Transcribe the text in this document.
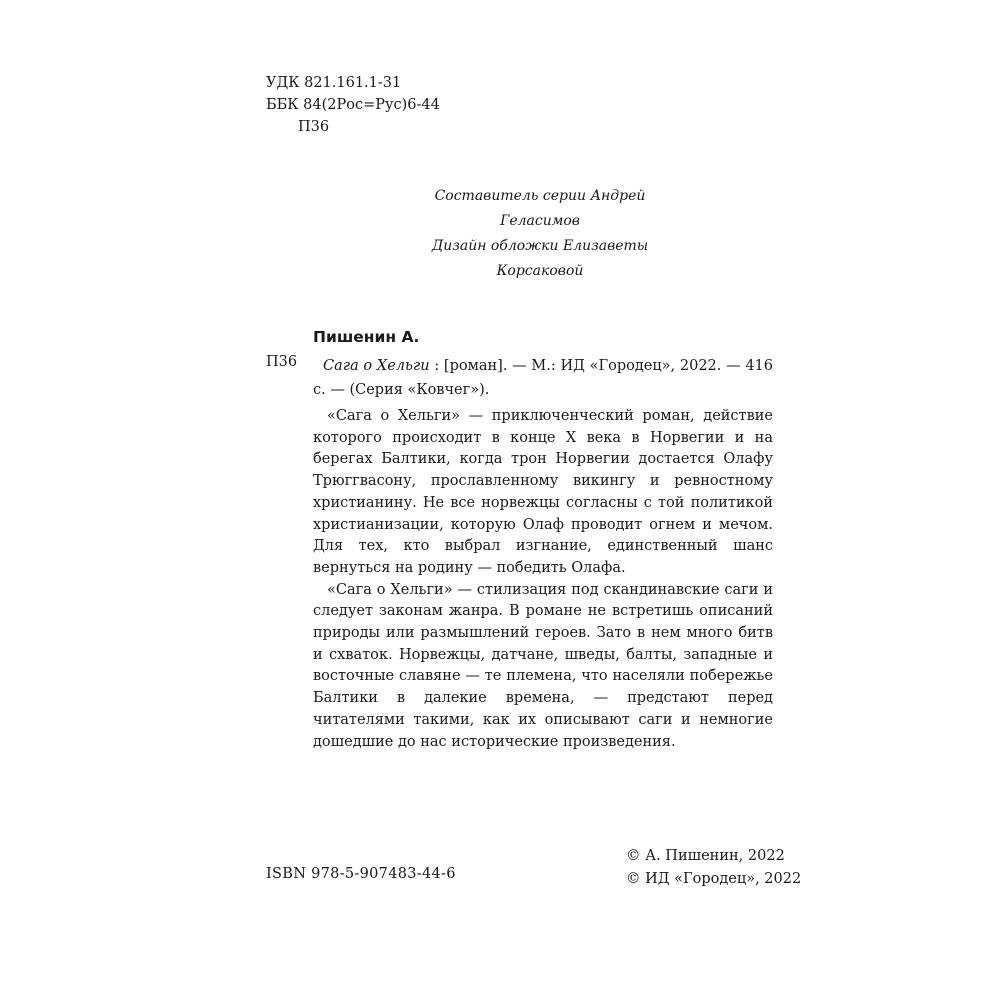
УДК 821.161.1-31
ББК 84(2Рос=Рус)6-44
П36
Составитель серии Андрей Геласимов
Дизайн обложки Елизаветы Корсаковой
Пишенин А.
П36	Сага о Хельги : [роман]. — М.: ИД «Городец», 2022. — 416 с. — (Серия «Ковчег»).

«Сага о Хельги» — приключенческий роман, действие которого происходит в конце X века в Норвегии и на берегах Балтики, когда трон Норвегии достается Олафу Трюггвасону, прославленному викингу и ревностному христианину. Не все норвежцы согласны с той политикой христианизации, которую Олаф проводит огнем и мечом. Для тех, кто выбрал изгнание, единственный шанс вернуться на родину — победить Олафа.

«Сага о Хельги» — стилизация под скандинавские саги и следует законам жанра. В романе не встретишь описаний природы или размышлений героев. Зато в нем много битв и схваток. Норвежцы, датчане, шведы, балты, западные и восточные славяне — те племена, что населяли побережье Балтики в далекие времена, — предстают перед читателями такими, как их описывают саги и немногие дошедшие до нас исторические произведения.

© А. Пишенин, 2022
© ИД «Городец», 2022
ISBN 978-5-907483-44-6
